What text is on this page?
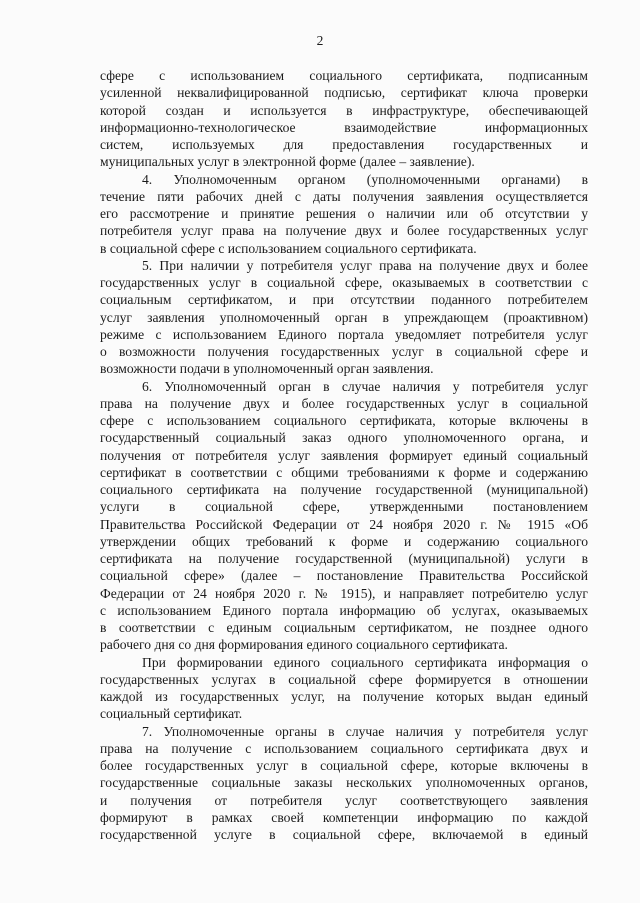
2
сфере с использованием социального сертификата, подписанным
усиленной неквалифицированной подписью, сертификат ключа проверки
которой создан и используется в инфраструктуре, обеспечивающей
информационно-технологическое взаимодействие информационных
систем, используемых для предоставления государственных и
муниципальных услуг в электронной форме (далее – заявление).
4. Уполномоченным органом (уполномоченными органами) в
течение пяти рабочих дней с даты получения заявления осуществляется
его рассмотрение и принятие решения о наличии или об отсутствии у
потребителя услуг права на получение двух и более государственных услуг
в социальной сфере с использованием социального сертификата.
5. При наличии у потребителя услуг права на получение двух и более
государственных услуг в социальной сфере, оказываемых в соответствии с
социальным сертификатом, и при отсутствии поданного потребителем
услуг заявления уполномоченный орган в упреждающем (проактивном)
режиме с использованием Единого портала уведомляет потребителя услуг
о возможности получения государственных услуг в социальной сфере и
возможности подачи в уполномоченный орган заявления.
6. Уполномоченный орган в случае наличия у потребителя услуг
права на получение двух и более государственных услуг в социальной
сфере с использованием социального сертификата, которые включены в
государственный социальный заказ одного уполномоченного органа, и
получения от потребителя услуг заявления формирует единый социальный
сертификат в соответствии с общими требованиями к форме и содержанию
социального сертификата на получение государственной (муниципальной)
услуги в социальной сфере, утвержденными постановлением
Правительства Российской Федерации от 24 ноября 2020 г. № 1915 «Об
утверждении общих требований к форме и содержанию социального
сертификата на получение государственной (муниципальной) услуги в
социальной сфере» (далее – постановление Правительства Российской
Федерации от 24 ноября 2020 г. № 1915), и направляет потребителю услуг
с использованием Единого портала информацию об услугах, оказываемых
в соответствии с единым социальным сертификатом, не позднее одного
рабочего дня со дня формирования единого социального сертификата.
При формировании единого социального сертификата информация о
государственных услугах в социальной сфере формируется в отношении
каждой из государственных услуг, на получение которых выдан единый
социальный сертификат.
7. Уполномоченные органы в случае наличия у потребителя услуг
права на получение с использованием социального сертификата двух и
более государственных услуг в социальной сфере, которые включены в
государственные социальные заказы нескольких уполномоченных органов,
и получения от потребителя услуг соответствующего заявления
формируют в рамках своей компетенции информацию по каждой
государственной услуге в социальной сфере, включаемой в единый
